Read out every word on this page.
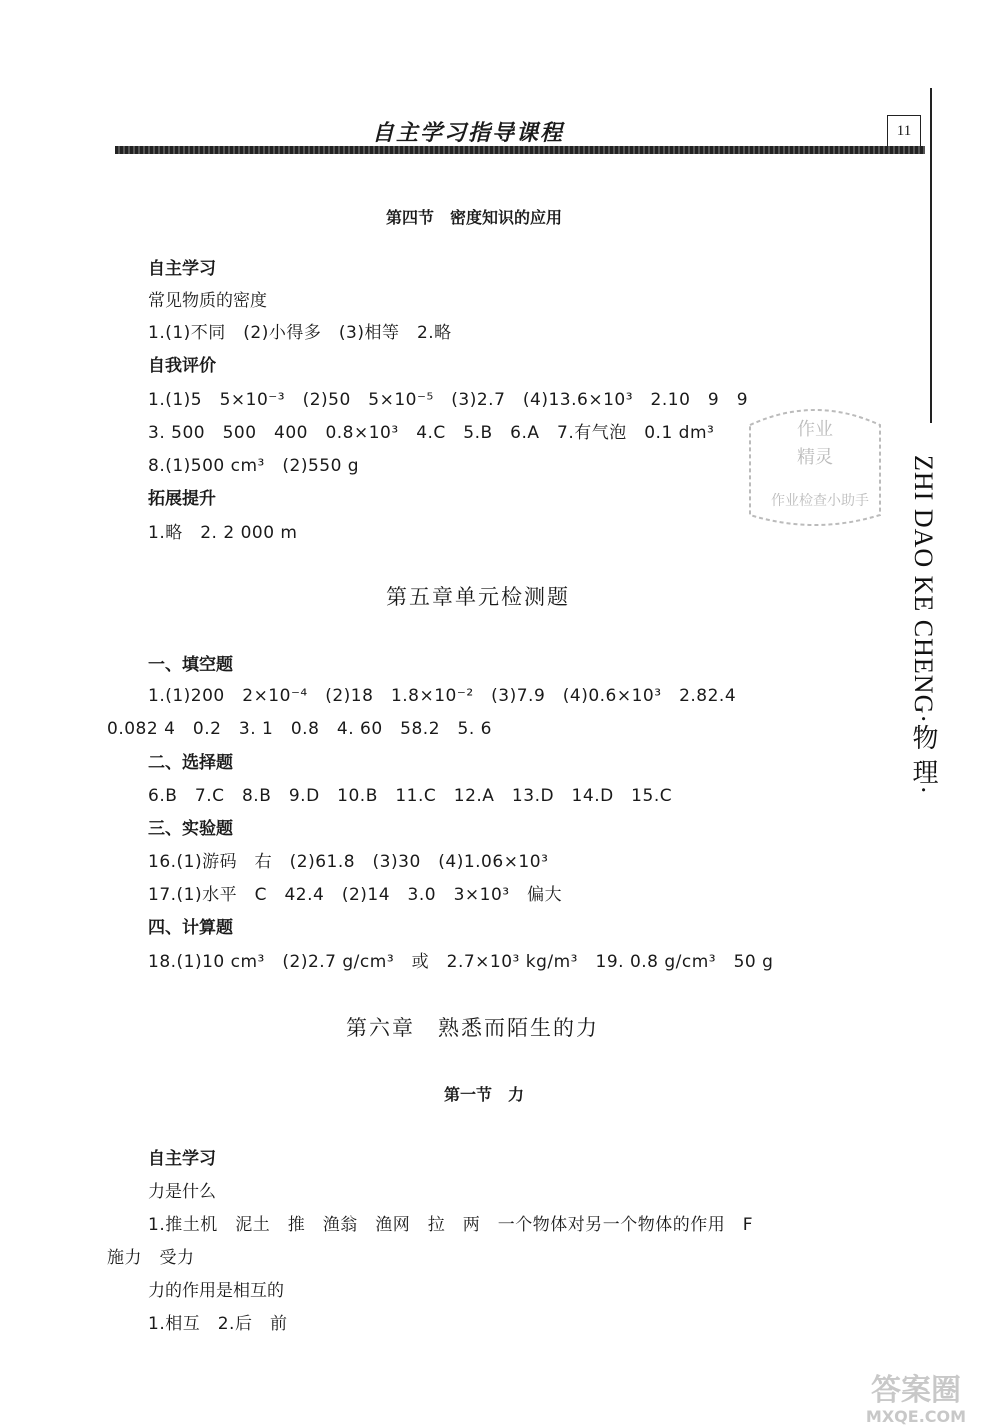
自主学习指导课程	11
ZHI DAO KE CHENG·物 理·
作业
精灵
作业检查小助手
第四节　密度知识的应用
自主学习
常见物质的密度
1.(1)不同　(2)小得多　(3)相等　2.略
自我评价
1.(1)5　5×10⁻³　(2)50　5×10⁻⁵　(3)2.7　(4)13.6×10³　2.10　9　9
3. 500　500　400　0.8×10³　4.C　5.B　6.A　7.有气泡　0.1 dm³
8.(1)500 cm³　(2)550 g
拓展提升
1.略　2. 2 000 m
第五章单元检测题
一、填空题
1.(1)200　2×10⁻⁴　(2)18　1.8×10⁻²　(3)7.9　(4)0.6×10³　2.82.4
0.082 4　0.2　3. 1　0.8　4. 60　58.2　5. 6
二、选择题
6.B　7.C　8.B　9.D　10.B　11.C　12.A　13.D　14.D　15.C
三、实验题
16.(1)游码　右　(2)61.8　(3)30　(4)1.06×10³
17.(1)水平　C　42.4　(2)14　3.0　3×10³　偏大
四、计算题
18.(1)10 cm³　(2)2.7 g/cm³　或　2.7×10³ kg/m³　19. 0.8 g/cm³　50 g
第六章　熟悉而陌生的力
第一节　力
自主学习
力是什么
1.推土机　泥土　推　渔翁　渔网　拉　两　一个物体对另一个物体的作用　F
施力　受力
力的作用是相互的
1.相互　2.后　前
答案圈
MXQE.COM
